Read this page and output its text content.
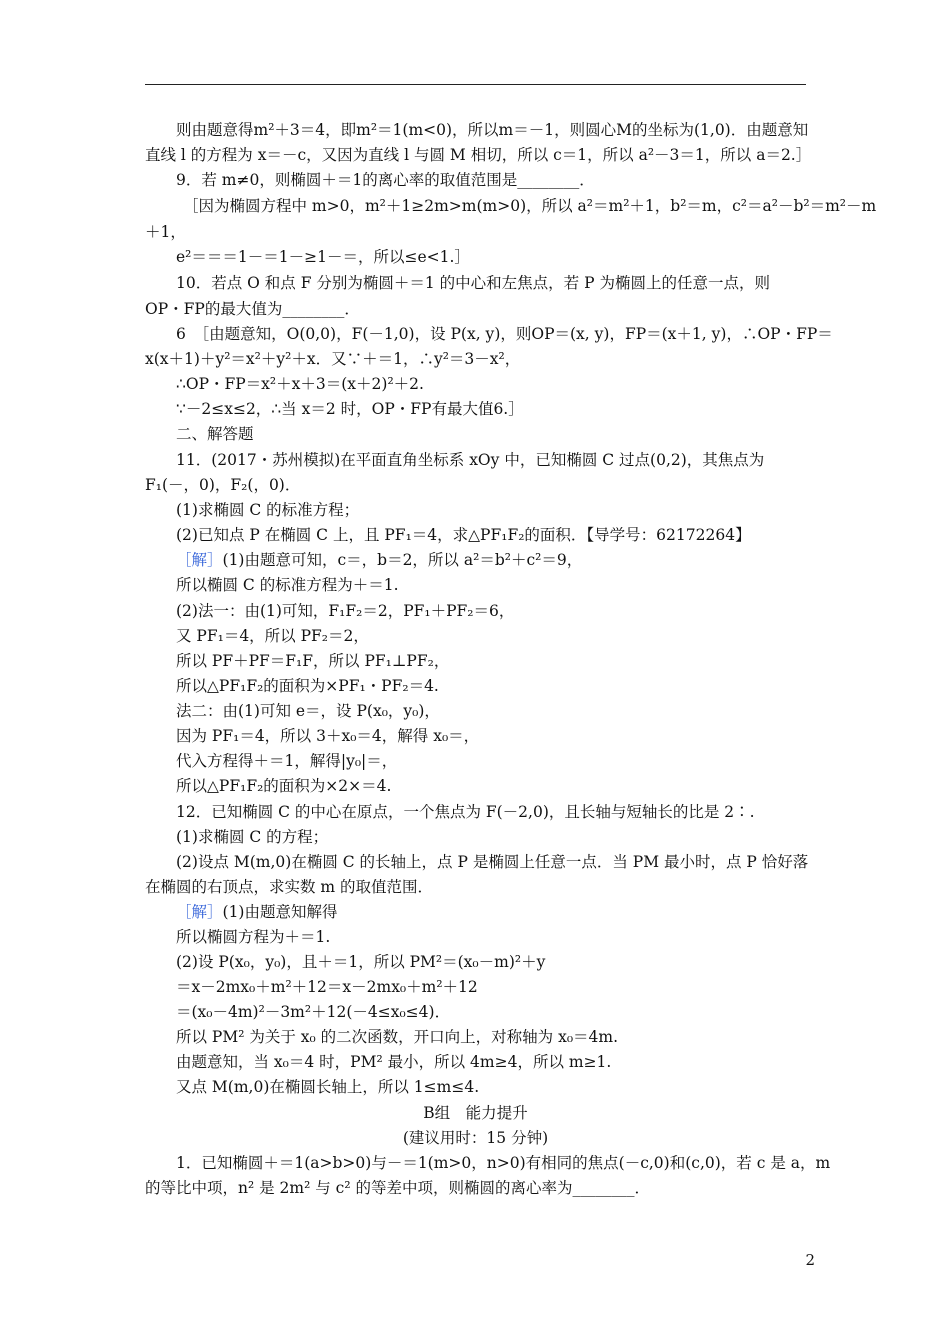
则由题意得m²＋3＝4，即m²＝1(m<0)，所以m＝－1，则圆心M的坐标为(1,0)．由题意知
直线 l 的方程为 x＝－c，又因为直线 l 与圆 M 相切，所以 c＝1，所以 a²－3＝1，所以 a＝2.］
9．若 m≠0，则椭圆＋＝1的离心率的取值范围是________．
［因为椭圆方程中 m>0，m²＋1≥2m>m(m>0)，所以 a²＝m²＋1，b²＝m，c²＝a²－b²＝m²－m
＋1，
e²＝＝＝1－＝1－≥1－＝，所以≤e<1.］
10．若点 O 和点 F 分别为椭圆＋＝1 的中心和左焦点，若 P 为椭圆上的任意一点，则
OP・FP的最大值为________．
6　［由题意知，O(0,0)，F(－1,0)，设 P(x, y)，则OP＝(x, y)，FP＝(x＋1, y)，∴OP・FP＝
x(x＋1)＋y²＝x²＋y²＋x．又∵＋＝1，∴y²＝3－x²，
∴OP・FP＝x²＋x＋3＝(x＋2)²＋2.
∵－2≤x≤2，∴当 x＝2 时，OP・FP有最大值6.］
二、解答题
11．(2017・苏州模拟)在平面直角坐标系 xOy 中，已知椭圆 C 过点(0,2)，其焦点为
F₁(－，0)，F₂(，0)．
(1)求椭圆 C 的标准方程；
(2)已知点 P 在椭圆 C 上，且 PF₁＝4，求△PF₁F₂的面积．【导学号：62172264】
［解］(1)由题意可知，c＝，b＝2，所以 a²＝b²＋c²＝9，
所以椭圆 C 的标准方程为＋＝1.
(2)法一：由(1)可知，F₁F₂＝2，PF₁＋PF₂＝6，
又 PF₁＝4，所以 PF₂＝2，
所以 PF＋PF＝F₁F，所以 PF₁⊥PF₂，
所以△PF₁F₂的面积为×PF₁・PF₂＝4.
法二：由(1)可知 e＝，设 P(x₀，y₀)，
因为 PF₁＝4，所以 3＋x₀＝4，解得 x₀＝，
代入方程得＋＝1，解得|y₀|＝，
所以△PF₁F₂的面积为×2×＝4.
12．已知椭圆 C 的中心在原点，一个焦点为 F(－2,0)，且长轴与短轴长的比是 2∶.
(1)求椭圆 C 的方程；
(2)设点 M(m,0)在椭圆 C 的长轴上，点 P 是椭圆上任意一点．当 PM 最小时，点 P 恰好落
在椭圆的右顶点，求实数 m 的取值范围．
［解］(1)由题意知解得
所以椭圆方程为＋＝1.
(2)设 P(x₀，y₀)，且＋＝1，所以 PM²＝(x₀－m)²＋y
＝x－2mx₀＋m²＋12＝x－2mx₀＋m²＋12
＝(x₀－4m)²－3m²＋12(－4≤x₀≤4)．
所以 PM² 为关于 x₀ 的二次函数，开口向上，对称轴为 x₀＝4m.
由题意知，当 x₀＝4 时，PM² 最小，所以 4m≥4，所以 m≥1.
又点 M(m,0)在椭圆长轴上，所以 1≤m≤4.
B组　能力提升
(建议用时：15 分钟)
1．已知椭圆＋＝1(a>b>0)与－＝1(m>0，n>0)有相同的焦点(－c,0)和(c,0)，若 c 是 a，m
的等比中项，n² 是 2m² 与 c² 的等差中项，则椭圆的离心率为________．
2
